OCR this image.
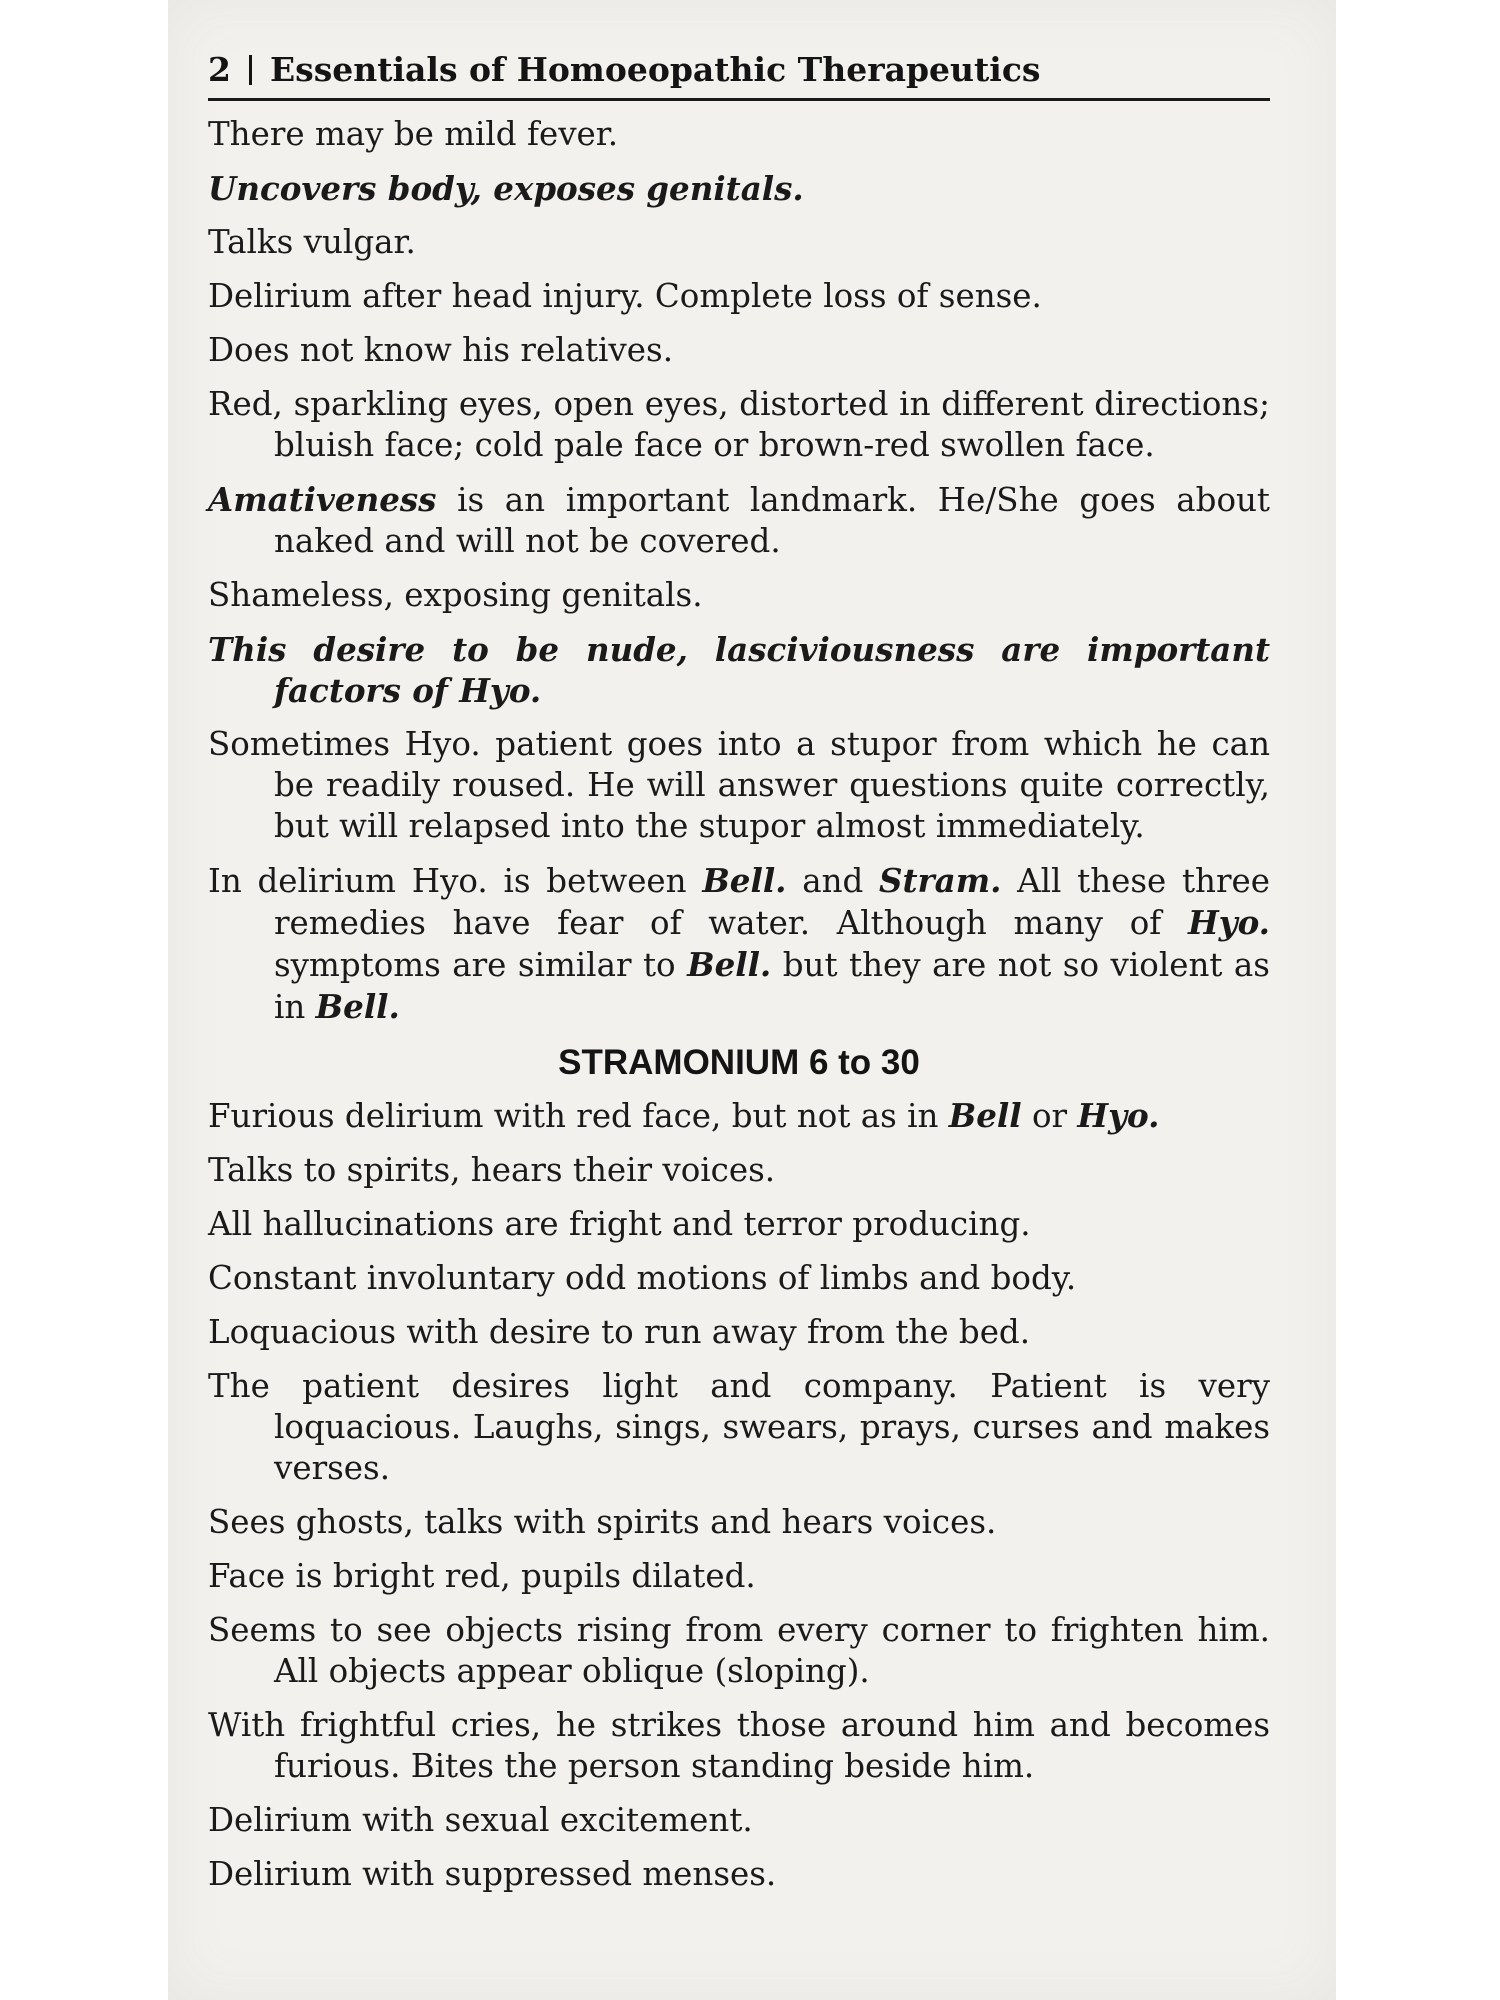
2 Essentials of Homoeopathic Therapeutics

There may be mild fever.

Uncovers body, exposes genitals.

Talks vulgar.

Delirium after head injury. Complete loss of sense.

Does not know his relatives.

Red, sparkling eyes, open eyes, distorted in different directions; bluish face; cold pale face or brown-red swollen face.

Amativeness is an important landmark. He/She goes about naked and will not be covered.

Shameless, exposing genitals.

This desire to be nude, lasciviousness are important factors of Hyo.

Sometimes Hyo. patient goes into a stupor from which he can be readily roused. He will answer questions quite correctly, but will relapsed into the stupor almost immediately.

In delirium Hyo. is between Bell. and Stram. All these three remedies have fear of water. Although many of Hyo. symptoms are similar to Bell. but they are not so violent as in Bell.

STRAMONIUM 6 to 30

Furious delirium with red face, but not as in Bell or Hyo.

Talks to spirits, hears their voices.

All hallucinations are fright and terror producing.

Constant involuntary odd motions of limbs and body.

Loquacious with desire to run away from the bed.

The patient desires light and company. Patient is very loquacious. Laughs, sings, swears, prays, curses and makes verses.

Sees ghosts, talks with spirits and hears voices.

Face is bright red, pupils dilated.

Seems to see objects rising from every corner to frighten him. All objects appear oblique (sloping).

With frightful cries, he strikes those around him and becomes furious. Bites the person standing beside him.

Delirium with sexual excitement.

Delirium with suppressed menses.
